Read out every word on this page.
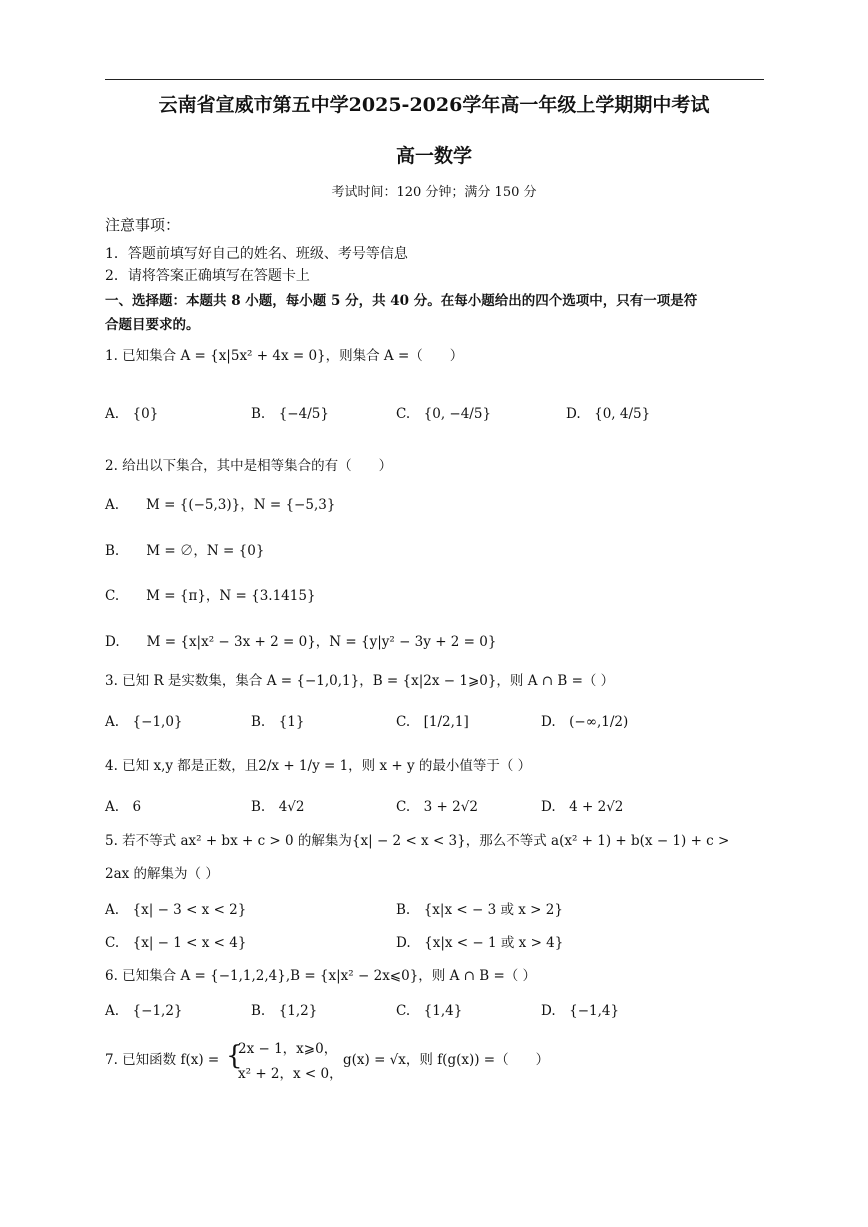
云南省宣威市第五中学2025-2026学年高一年级上学期期中考试
高一数学
考试时间：120 分钟；满分 150 分
注意事项：
1．答题前填写好自己的姓名、班级、考号等信息
2．请将答案正确填写在答题卡上
一、选择题：本题共 8 小题，每小题 5 分，共 40 分。在每小题给出的四个选项中，只有一项是符
合题目要求的。
1. 已知集合 A = {x|5x² + 4x = 0}，则集合 A =（　　）
A.　{0}	B.　{−4/5}	C.　{0, −4/5}	D.　{0, 4/5}
2. 给出以下集合，其中是相等集合的有（　　）
A.　　M = {(−5,3)}，N = {−5,3}
B.　　M = ∅，N = {0}
C.　　M = {π}，N = {3.1415}
D.　　M = {x|x² − 3x + 2 = 0}，N = {y|y² − 3y + 2 = 0}
3. 已知 R 是实数集，集合 A = {−1,0,1}，B = {x|2x − 1⩾0}，则 A ∩ B =（ ）
A.　{−1,0}	B.　{1}	C.　[1/2,1]	D.　(−∞,1/2)
4. 已知 x,y 都是正数，且2/x + 1/y = 1，则 x + y 的最小值等于（ ）
A.　6	B.　4√2	C.　3 + 2√2	D.　4 + 2√2
5. 若不等式 ax² + bx + c > 0 的解集为{x| − 2 < x < 3}，那么不等式 a(x² + 1) + b(x − 1) + c >
2ax 的解集为（ ）
A.　{x| − 3 < x < 2}	B.　{x|x < − 3 或 x > 2}
C.　{x| − 1 < x < 4}	D.　{x|x < − 1 或 x > 4}
6. 已知集合 A = {−1,1,2,4},B = {x|x² − 2x⩽0}，则 A ∩ B =（ ）
A.　{−1,2}	B.　{1,2}	C.　{1,4}	D.　{−1,4}
7. 已知函数 f(x) = {
2x − 1，x⩾0，
x² + 2，x < 0，
g(x) = √x，则 f(g(x)) =（　　）
